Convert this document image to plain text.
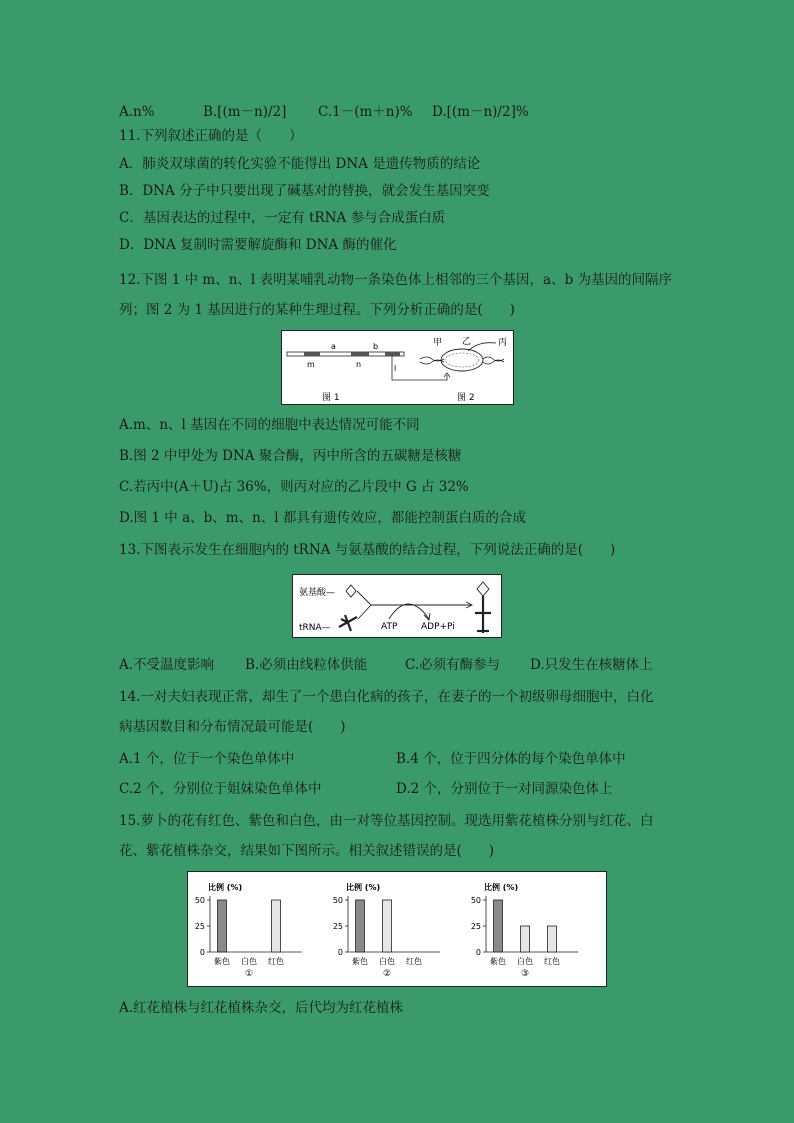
A.n%	B.[(m－n)/2] C.1－(m＋n)% D.[(m－n)/2]%
11.下列叙述正确的是（　　）
A．肺炎双球菌的转化实验不能得出 DNA 是遗传物质的结论
B．DNA 分子中只要出现了碱基对的替换，就会发生基因突变
C．基因表达的过程中，一定有 tRNA 参与合成蛋白质
D．DNA 复制时需要解旋酶和 DNA 酶的催化
12.下图 1 中 m、n、l 表明某哺乳动物一条染色体上相邻的三个基因，a、b 为基因的间隔序
列；图 2 为 1 基因进行的某种生理过程。下列分析正确的是(　　)
a	b
m	n	l
甲 乙	丙
图 1	图 2
A.m、n、l 基因在不同的细胞中表达情况可能不同
B.图 2 中甲处为 DNA 聚合酶，丙中所含的五碳糖是核糖
C.若丙中(A＋U)占 36%，则丙对应的乙片段中 G 占 32%
D.图 1 中 a、b、m、n、l 都具有遗传效应，都能控制蛋白质的合成
13.下图表示发生在细胞内的 tRNA 与氨基酸的结合过程，下列说法正确的是(　　)
氨基酸—
tRNA—	ATP	ADP+Pi
A.不受温度影响 B.必须由线粒体供能	C.必须有酶参与 D.只发生在核糖体上
14.一对夫妇表现正常，却生了一个患白化病的孩子，在妻子的一个初级卵母细胞中，白化
病基因数目和分布情况最可能是(　　)
A.1 个，位于一个染色单体中	B.4 个，位于四分体的每个染色单体中
C.2 个，分别位于姐妹染色单体中	D.2 个，分别位于一对同源染色体上
15.萝卜的花有红色、紫色和白色，由一对等位基因控制。现选用紫花植株分别与红花、白
花、紫花植株杂交，结果如下图所示。相关叙述错误的是(　　)
比例 (%)
0
25
50
紫色 白色 红色
①
比例 (%)
0
25
50
紫色 白色 红色
②
比例 (%)
0
25
50
紫色 白色 红色
③
A.红花植株与红花植株杂交，后代均为红花植株
